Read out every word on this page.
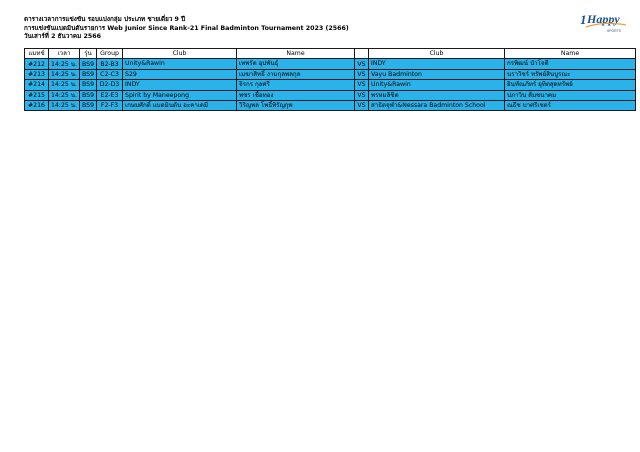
ตารางเวลาการแข่งขัน รอบแบ่งกลุ่ม ประเภท ชายเดี่ยว 9 ปี
การแข่งขันแบดมินตันรายการ Web Junior Since Rank-21 Final Badminton Tournament 2023 (2566)
วันเสาร์ที่ 2 ธันวาคม 2566
1 Happy
SPORTS
แมทช์	เวลา	รุ่น	Group	Club	Name		Club	Name
#212	14:25 น.	BS9	B2-B3	Unity&Rawin	เทพรัต อุปพันธุ์	VS	INDY	กรพิฒน์ นำโจดี
#213	14:25 น.	BS9	C2-C3	S29	เมฆาสิทธิ์ งามกุลพลกุล	VS	Vayu Badminton	นราวิชร์ ทรัพย์สินบูรณะ
#214	14:25 น.	BS9	D2-D3	INDY	จิรกร กุลศรี	VS	Unity&Rawin	ยินทัณภัทร์ ยุทิตสุดทรัพย์
#215	14:25 น.	BS9	E2-E3	Spirit by Maneepong	พชร เชื้อทอง	VS	พรหมลิขิต	ปภาวิน ส้มชนาคม
#216	14:25 น.	BS9	F2-F3	เกษมศักดิ์ แบดมินตัน อะคาเดมี	วิริญพล โพธิ์ทิรัญกุพ	VS	สาธิตจุฬา&Nessara Badminton School	ณธีช บาศรีเชตร์
